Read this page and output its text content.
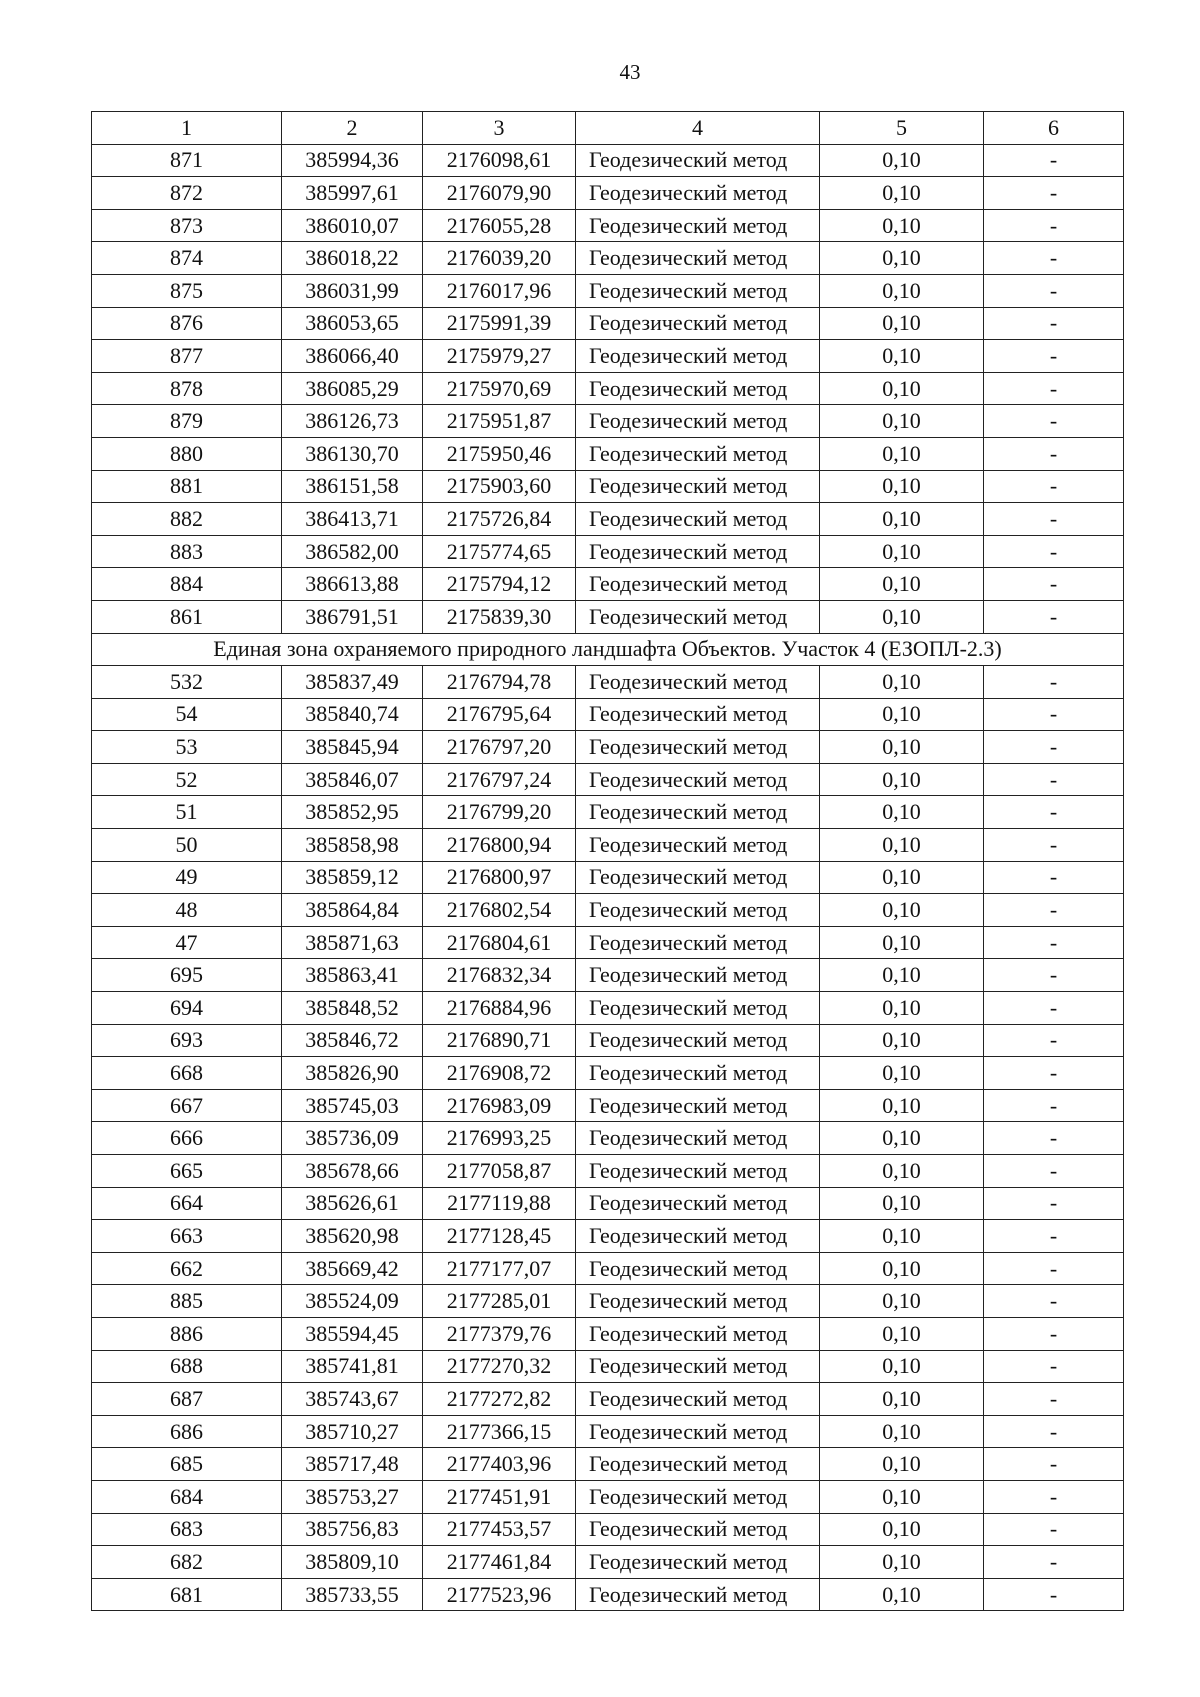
43
1	2	3	4	5	6
871	385994,36	2176098,61	Геодезический метод	0,10	-
872	385997,61	2176079,90	Геодезический метод	0,10	-
873	386010,07	2176055,28	Геодезический метод	0,10	-
874	386018,22	2176039,20	Геодезический метод	0,10	-
875	386031,99	2176017,96	Геодезический метод	0,10	-
876	386053,65	2175991,39	Геодезический метод	0,10	-
877	386066,40	2175979,27	Геодезический метод	0,10	-
878	386085,29	2175970,69	Геодезический метод	0,10	-
879	386126,73	2175951,87	Геодезический метод	0,10	-
880	386130,70	2175950,46	Геодезический метод	0,10	-
881	386151,58	2175903,60	Геодезический метод	0,10	-
882	386413,71	2175726,84	Геодезический метод	0,10	-
883	386582,00	2175774,65	Геодезический метод	0,10	-
884	386613,88	2175794,12	Геодезический метод	0,10	-
861	386791,51	2175839,30	Геодезический метод	0,10	-
Единая зона охраняемого природного ландшафта Объектов. Участок 4 (ЕЗОПЛ-2.3)					
532	385837,49	2176794,78	Геодезический метод	0,10	-
54	385840,74	2176795,64	Геодезический метод	0,10	-
53	385845,94	2176797,20	Геодезический метод	0,10	-
52	385846,07	2176797,24	Геодезический метод	0,10	-
51	385852,95	2176799,20	Геодезический метод	0,10	-
50	385858,98	2176800,94	Геодезический метод	0,10	-
49	385859,12	2176800,97	Геодезический метод	0,10	-
48	385864,84	2176802,54	Геодезический метод	0,10	-
47	385871,63	2176804,61	Геодезический метод	0,10	-
695	385863,41	2176832,34	Геодезический метод	0,10	-
694	385848,52	2176884,96	Геодезический метод	0,10	-
693	385846,72	2176890,71	Геодезический метод	0,10	-
668	385826,90	2176908,72	Геодезический метод	0,10	-
667	385745,03	2176983,09	Геодезический метод	0,10	-
666	385736,09	2176993,25	Геодезический метод	0,10	-
665	385678,66	2177058,87	Геодезический метод	0,10	-
664	385626,61	2177119,88	Геодезический метод	0,10	-
663	385620,98	2177128,45	Геодезический метод	0,10	-
662	385669,42	2177177,07	Геодезический метод	0,10	-
885	385524,09	2177285,01	Геодезический метод	0,10	-
886	385594,45	2177379,76	Геодезический метод	0,10	-
688	385741,81	2177270,32	Геодезический метод	0,10	-
687	385743,67	2177272,82	Геодезический метод	0,10	-
686	385710,27	2177366,15	Геодезический метод	0,10	-
685	385717,48	2177403,96	Геодезический метод	0,10	-
684	385753,27	2177451,91	Геодезический метод	0,10	-
683	385756,83	2177453,57	Геодезический метод	0,10	-
682	385809,10	2177461,84	Геодезический метод	0,10	-
681	385733,55	2177523,96	Геодезический метод	0,10	-
